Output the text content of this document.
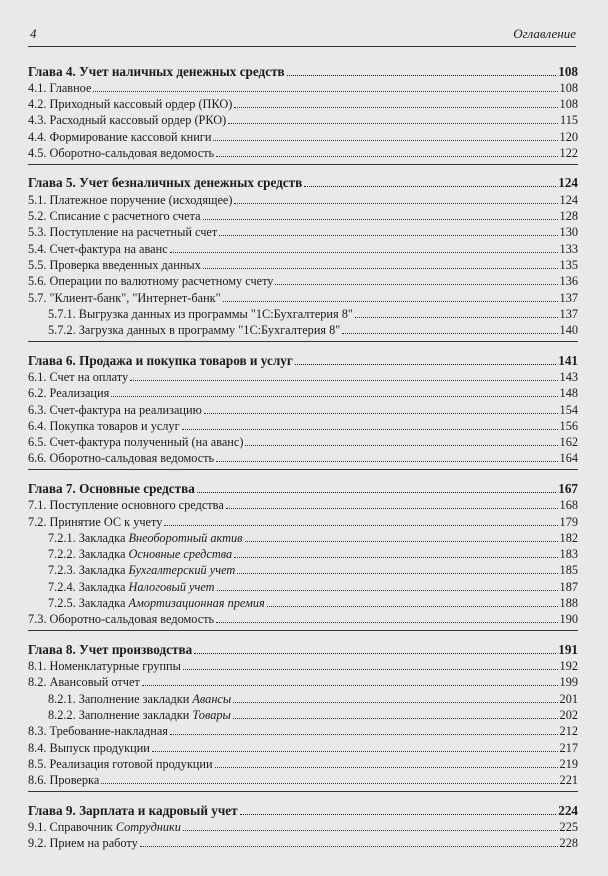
4	Оглавление
Глава 4. Учет наличных денежных средств	108
4.1. Главное	108
4.2. Приходный кассовый ордер (ПКО)	108
4.3. Расходный кассовый ордер (РКО)	115
4.4. Формирование кассовой книги	120
4.5. Оборотно-сальдовая ведомость	122
Глава 5. Учет безналичных денежных средств	124
5.1. Платежное поручение (исходящее)	124
5.2. Списание с расчетного счета	128
5.3. Поступление на расчетный счет	130
5.4. Счет-фактура на аванс	133
5.5. Проверка введенных данных	135
5.6. Операции по валютному расчетному счету	136
5.7. "Клиент-банк", "Интернет-банк"	137
5.7.1. Выгрузка данных из программы "1С:Бухгалтерия 8"	137
5.7.2. Загрузка данных в программу "1С:Бухгалтерия 8"	140
Глава 6. Продажа и покупка товаров и услуг	141
6.1. Счет на оплату	143
6.2. Реализация	148
6.3. Счет-фактура на реализацию	154
6.4. Покупка товаров и услуг	156
6.5. Счет-фактура полученный (на аванс)	162
6.6. Оборотно-сальдовая ведомость	164
Глава 7. Основные средства	167
7.1. Поступление основного средства	168
7.2. Принятие ОС к учету	179
7.2.1. Закладка Внеоборотный актив	182
7.2.2. Закладка Основные средства	183
7.2.3. Закладка Бухгалтерский учет	185
7.2.4. Закладка Налоговый учет	187
7.2.5. Закладка Амортизационная премия	188
7.3. Оборотно-сальдовая ведомость	190
Глава 8. Учет производства	191
8.1. Номенклатурные группы	192
8.2. Авансовый отчет	199
8.2.1. Заполнение закладки Авансы	201
8.2.2. Заполнение закладки Товары	202
8.3. Требование-накладная	212
8.4. Выпуск продукции	217
8.5. Реализация готовой продукции	219
8.6. Проверка	221
Глава 9. Зарплата и кадровый учет	224
9.1. Справочник Сотрудники	225
9.2. Прием на работу	228
